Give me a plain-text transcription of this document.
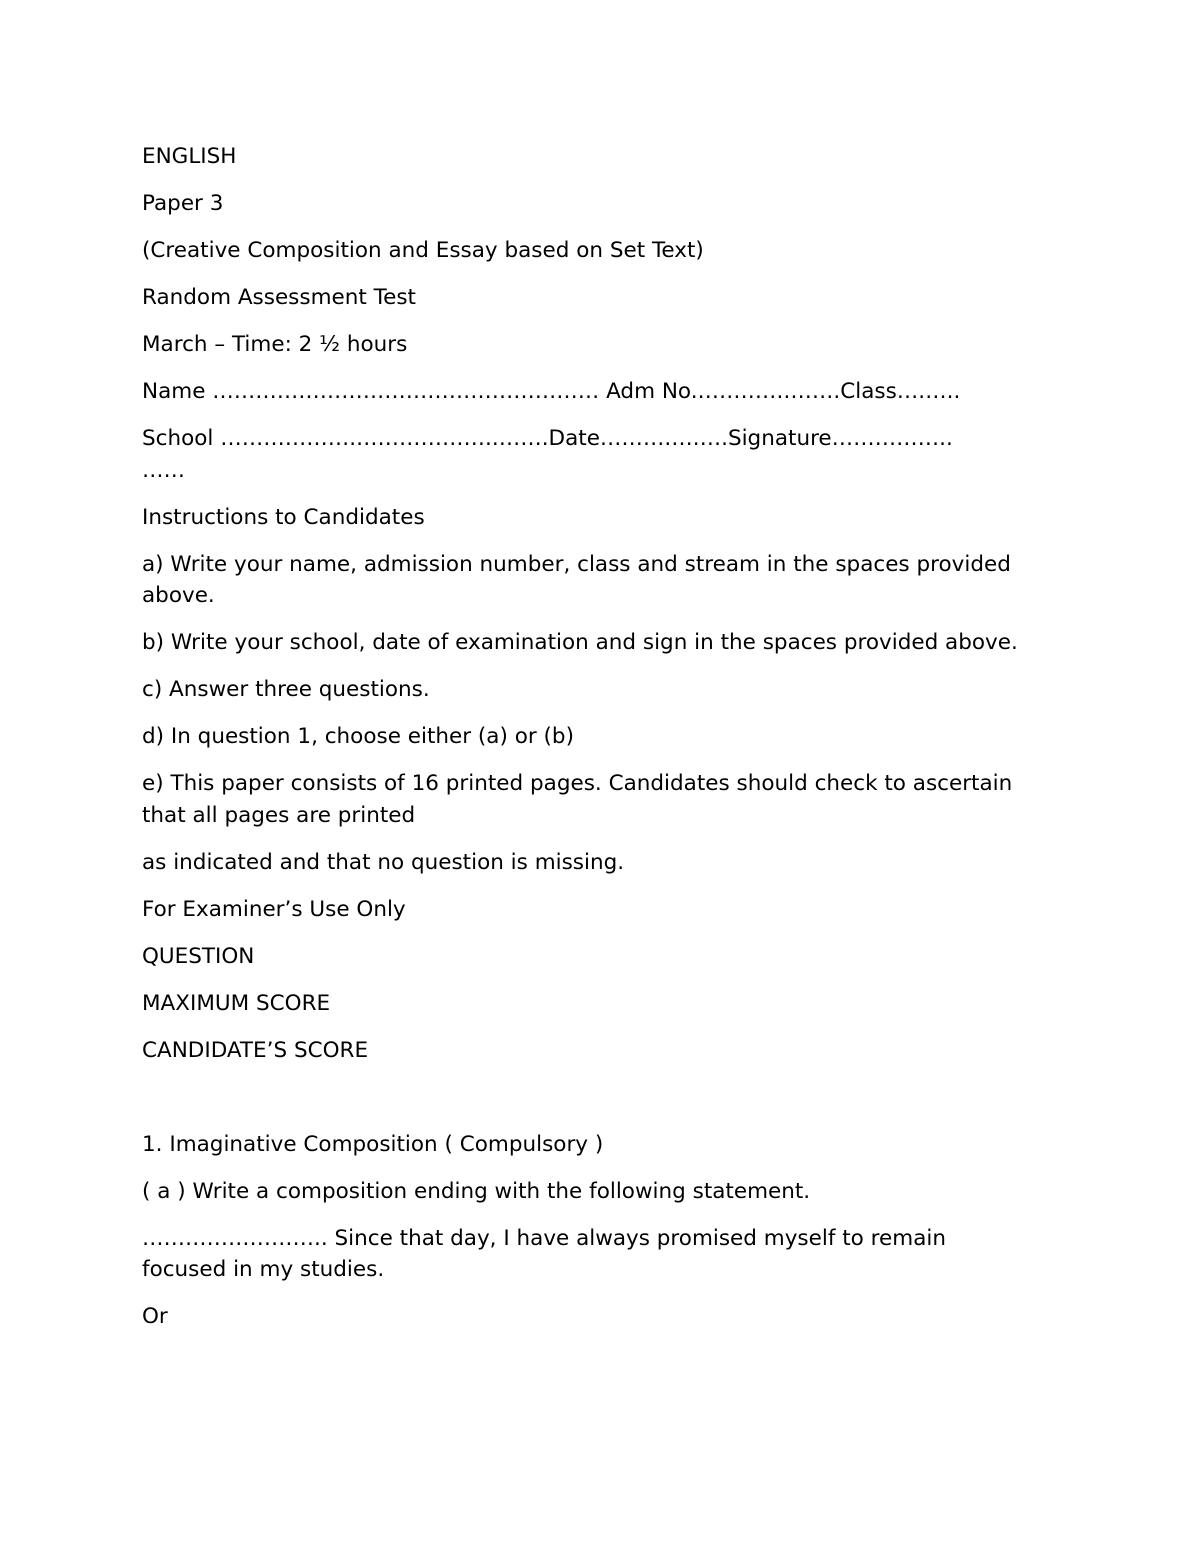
ENGLISH

Paper 3

(Creative Composition and Essay based on Set Text)

Random Assessment Test

March – Time: 2 ½ hours

Name ……………………………………………… Adm No.………….…….Class….…..

School ……………….………………..…….Date……….….….Signature……………..
……

Instructions to Candidates

a) Write your name, admission number, class and stream in the spaces provided above.

b) Write your school, date of examination and sign in the spaces provided above.

c) Answer three questions.

d) In question 1, choose either (a) or (b)

e) This paper consists of 16 printed pages. Candidates should check to ascertain that all pages are printed

as indicated and that no question is missing.

For Examiner’s Use Only

QUESTION

MAXIMUM SCORE

CANDIDATE’S SCORE

1. Imaginative Composition ( Compulsory )

( a ) Write a composition ending with the following statement.

…………………….. Since that day, I have always promised myself to remain focused in my studies.

Or
